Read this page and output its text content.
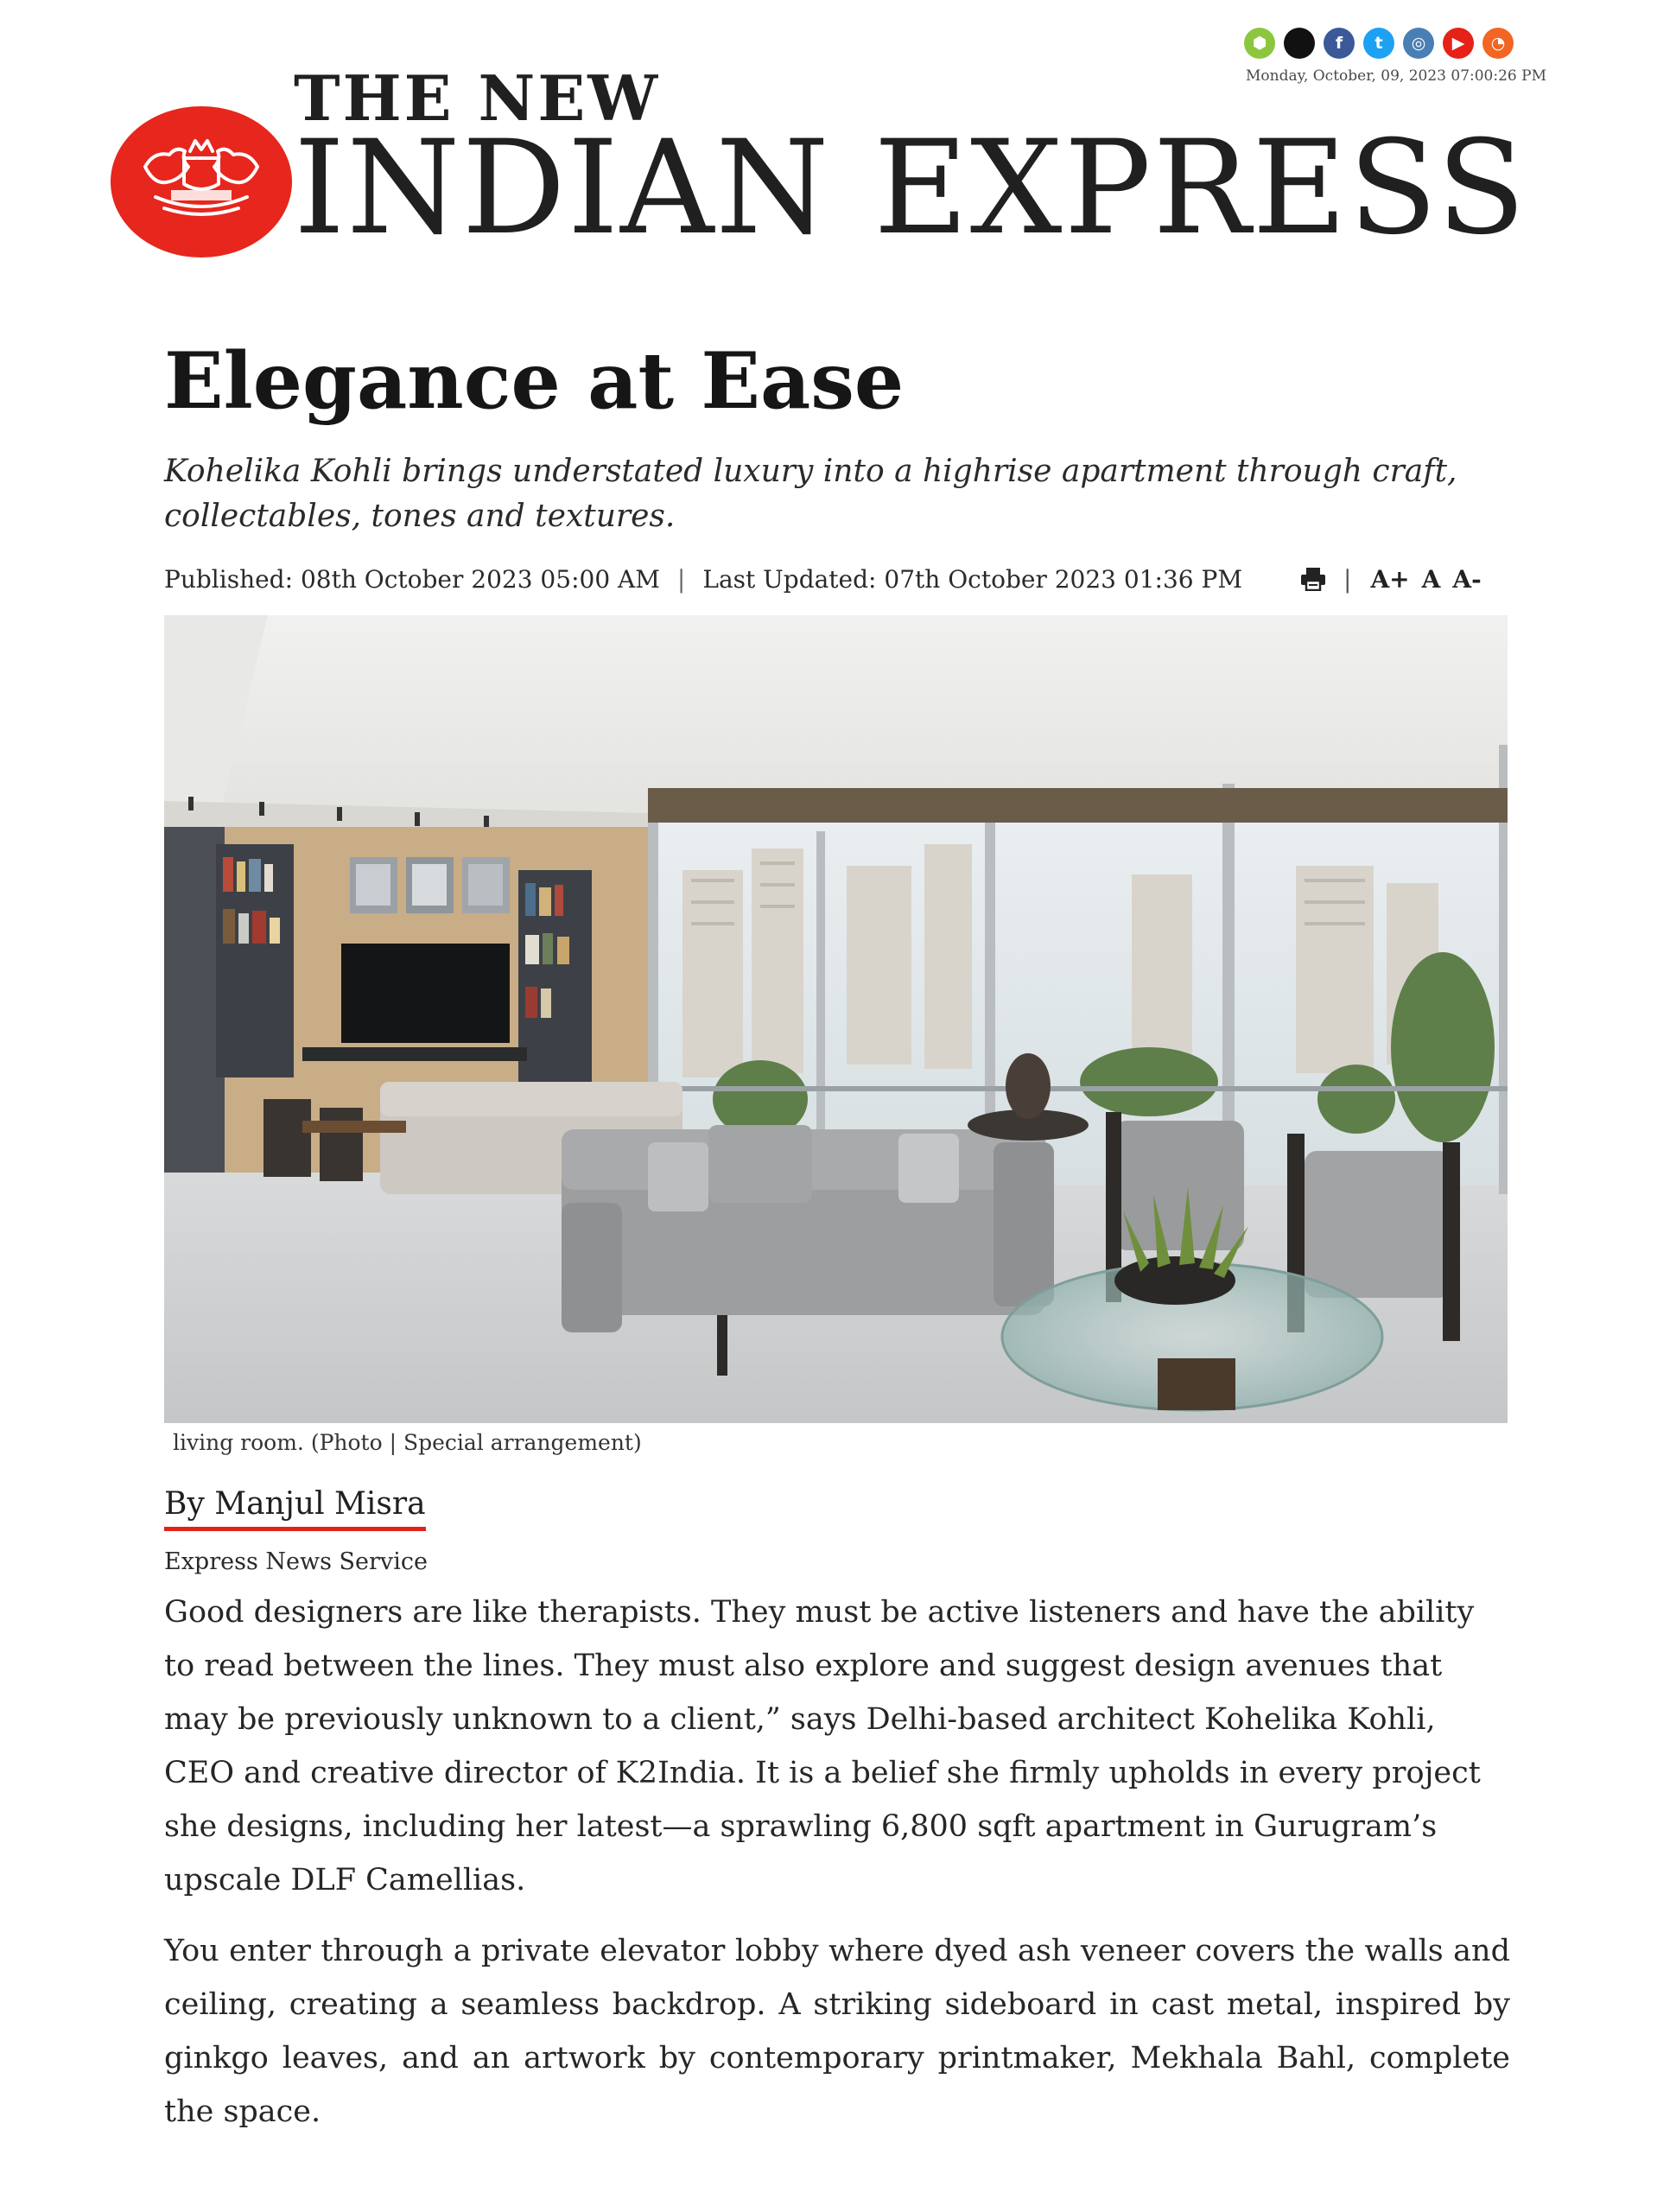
⬢	f	t	◎	▶	◔
Monday, October, 09, 2023 07:00:26 PM
THE NEW
INDIAN EXPRESS
Elegance at Ease

Kohelika Kohli brings understated luxury into a highrise apartment through craft, collectables, tones and textures.

Published: 08th October 2023 05:00 AM | Last Updated: 07th October 2023 01:36 PM	| A+ A A-
living room. (Photo | Special arrangement)
By Manjul Misra
Express News Service

Good designers are like therapists. They must be active listeners and have the ability to read between the lines. They must also explore and suggest design avenues that may be previously unknown to a client,” says Delhi-based architect Kohelika Kohli, CEO and creative director of K2India. It is a belief she firmly upholds in every project she designs, including her latest—a sprawling 6,800 sqft apartment in Gurugram’s upscale DLF Camellias.

You enter through a private elevator lobby where dyed ash veneer covers the walls and ceiling, creating a seamless backdrop. A striking sideboard in cast metal, inspired by ginkgo leaves, and an artwork by contemporary printmaker, Mekhala Bahl, complete the space.
